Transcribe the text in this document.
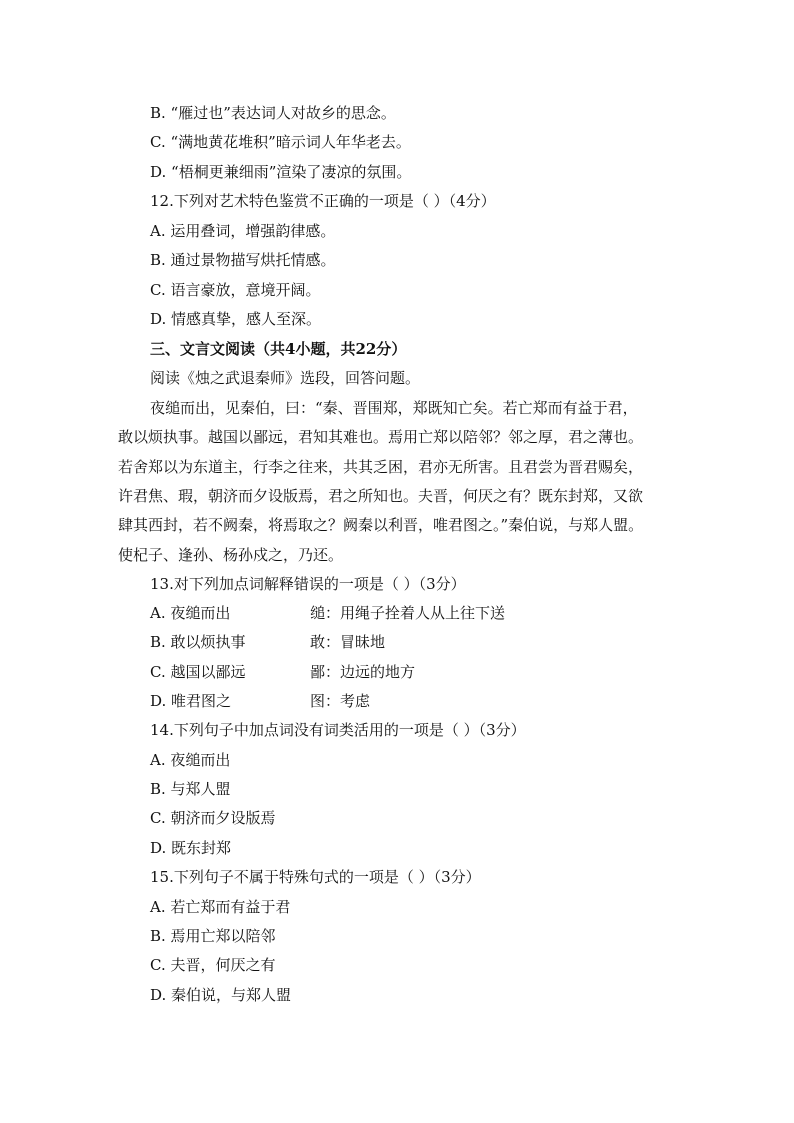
B. “雁过也”表达词人对故乡的思念。
C. “满地黄花堆积”暗示词人年华老去。
D. “梧桐更兼细雨”渲染了凄凉的氛围。
12.下列对艺术特色鉴赏不正确的一项是（ ）（4分）
A. 运用叠词，增强韵律感。
B. 通过景物描写烘托情感。
C. 语言豪放，意境开阔。
D. 情感真挚，感人至深。
三、文言文阅读（共4小题，共22分）
阅读《烛之武退秦师》选段，回答问题。
夜缒而出，见秦伯，曰：“秦、晋围郑，郑既知亡矣。若亡郑而有益于君，
敢以烦执事。越国以鄙远，君知其难也。焉用亡郑以陪邻？邻之厚，君之薄也。
若舍郑以为东道主，行李之往来，共其乏困，君亦无所害。且君尝为晋君赐矣，
许君焦、瑕，朝济而夕设版焉，君之所知也。夫晋，何厌之有？既东封郑，又欲
肆其西封，若不阙秦，将焉取之？阙秦以利晋，唯君图之。”秦伯说，与郑人盟。
使杞子、逢孙、杨孙戍之，乃还。
13.对下列加点词解释错误的一项是（ ）（3分）
A. 夜缒而出	缒：用绳子拴着人从上往下送
B. 敢以烦执事	敢：冒昧地
C. 越国以鄙远	鄙：边远的地方
D. 唯君图之	图：考虑
14.下列句子中加点词没有词类活用的一项是（ ）（3分）
A. 夜缒而出
B. 与郑人盟
C. 朝济而夕设版焉
D. 既东封郑
15.下列句子不属于特殊句式的一项是（ ）（3分）
A. 若亡郑而有益于君
B. 焉用亡郑以陪邻
C. 夫晋，何厌之有
D. 秦伯说，与郑人盟
